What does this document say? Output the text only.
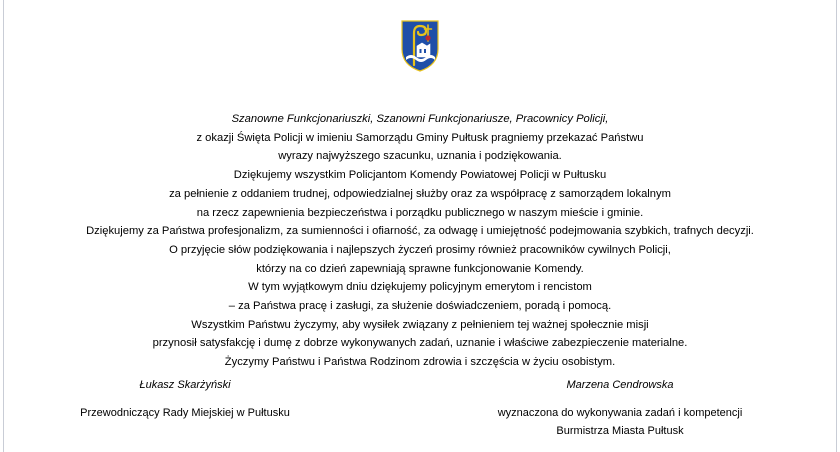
Szanowne Funkcjonariuszki, Szanowni Funkcjonariusze, Pracownicy Policji,
z okazji Święta Policji w imieniu Samorządu Gminy Pułtusk pragniemy przekazać Państwu
wyrazy najwyższego szacunku, uznania i podziękowania.
Dziękujemy wszystkim Policjantom Komendy Powiatowej Policji w Pułtusku
za pełnienie z oddaniem trudnej, odpowiedzialnej służby oraz za współpracę z samorządem lokalnym
na rzecz zapewnienia bezpieczeństwa i porządku publicznego w naszym mieście i gminie.
Dziękujemy za Państwa profesjonalizm, za sumienności i ofiarność, za odwagę i umiejętność podejmowania szybkich, trafnych decyzji.
O przyjęcie słów podziękowania i najlepszych życzeń prosimy również pracowników cywilnych Policji,
którzy na co dzień zapewniają sprawne funkcjonowanie Komendy.
W tym wyjątkowym dniu dziękujemy policyjnym emerytom i rencistom
– za Państwa pracę i zasługi, za służenie doświadczeniem, poradą i pomocą.
Wszystkim Państwu życzymy, aby wysiłek związany z pełnieniem tej ważnej społecznie misji
przynosił satysfakcję i dumę z dobrze wykonywanych zadań, uznanie i właściwe zabezpieczenie materialne.
Życzymy Państwu i Państwa Rodzinom zdrowia i szczęścia w życiu osobistym.
Łukasz Skarżyński
Przewodniczący Rady Miejskiej w Pułtusku
Marzena Cendrowska
wyznaczona do wykonywania zadań i kompetencji
Burmistrza Miasta Pułtusk
